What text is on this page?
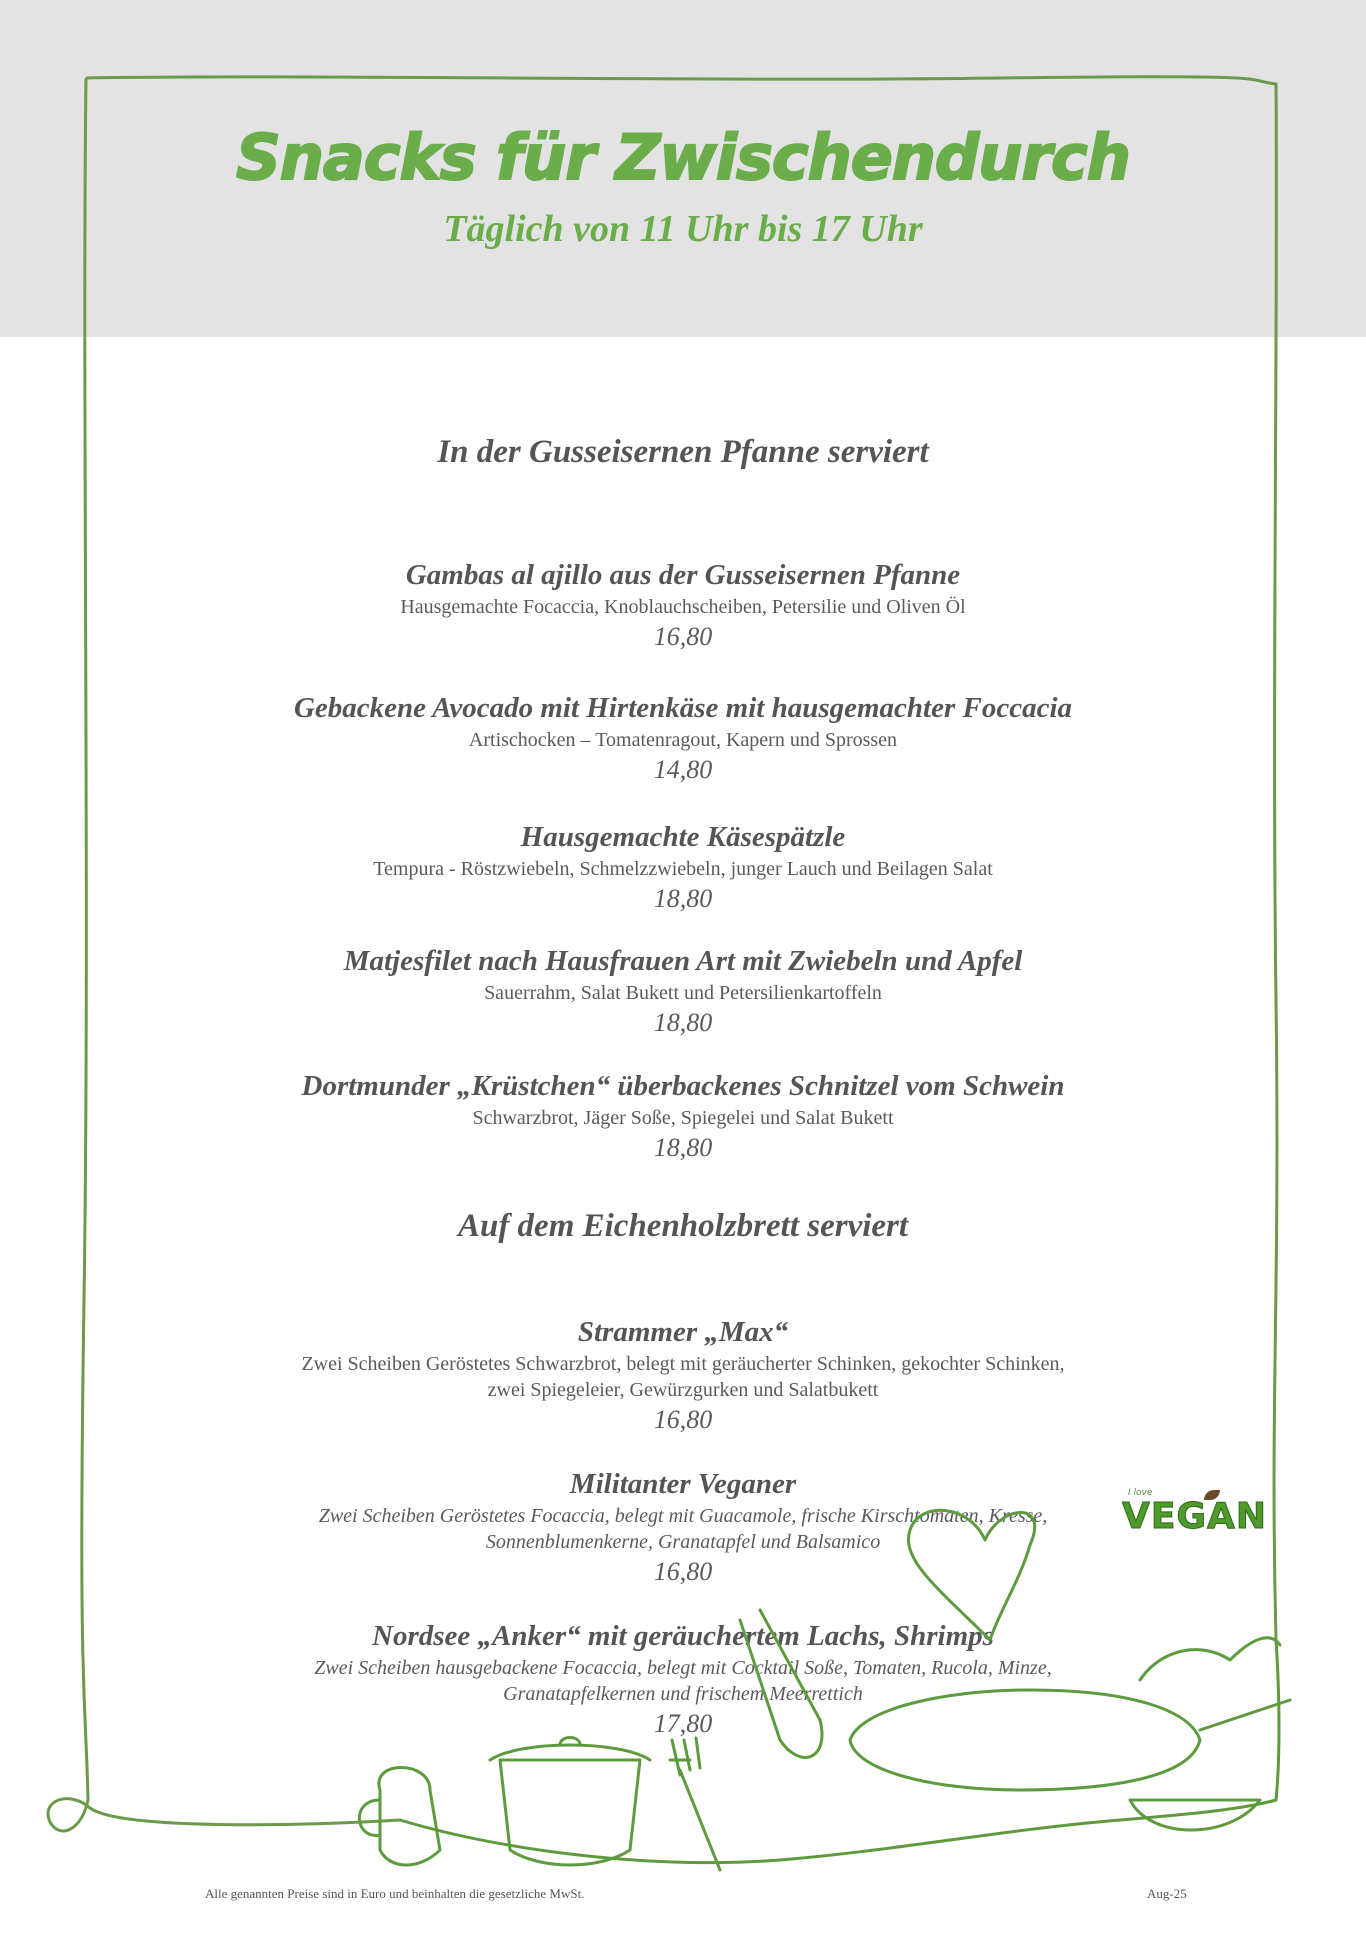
Snacks für Zwischendurch
Täglich von 11 Uhr bis 17 Uhr
In der Gusseisernen Pfanne serviert
Gambas al ajillo aus der Gusseisernen Pfanne
Hausgemachte Focaccia, Knoblauchscheiben, Petersilie und Oliven Öl
16,80
Gebackene Avocado mit Hirtenkäse mit hausgemachter Foccacia
Artischocken – Tomatenragout, Kapern und Sprossen
14,80
Hausgemachte Käsespätzle
Tempura - Röstzwiebeln, Schmelzzwiebeln, junger Lauch und Beilagen Salat
18,80
Matjesfilet nach Hausfrauen Art mit Zwiebeln und Apfel
Sauerrahm, Salat Bukett und Petersilienkartoffeln
18,80
Dortmunder „Krüstchen“ überbackenes Schnitzel vom Schwein
Schwarzbrot, Jäger Soße, Spiegelei und Salat Bukett
18,80
Auf dem Eichenholzbrett serviert
Strammer „Max“
Zwei Scheiben Geröstetes Schwarzbrot, belegt mit geräucherter Schinken, gekochter Schinken,
zwei Spiegeleier, Gewürzgurken und Salatbukett
16,80
Militanter Veganer
Zwei Scheiben Geröstetes Focaccia, belegt mit Guacamole, frische Kirschtomaten, Kresse,
Sonnenblumenkerne, Granatapfel und Balsamico
16,80
Nordsee „Anker“ mit geräuchertem Lachs, Shrimps
Zwei Scheiben hausgebackene Focaccia, belegt mit Cocktail Soße, Tomaten, Rucola, Minze,
Granatapfelkernen und frischem Meerrettich
17,80
I love
VEGAN
Alle genannten Preise sind in Euro und beinhalten die gesetzliche MwSt.	Aug-25
